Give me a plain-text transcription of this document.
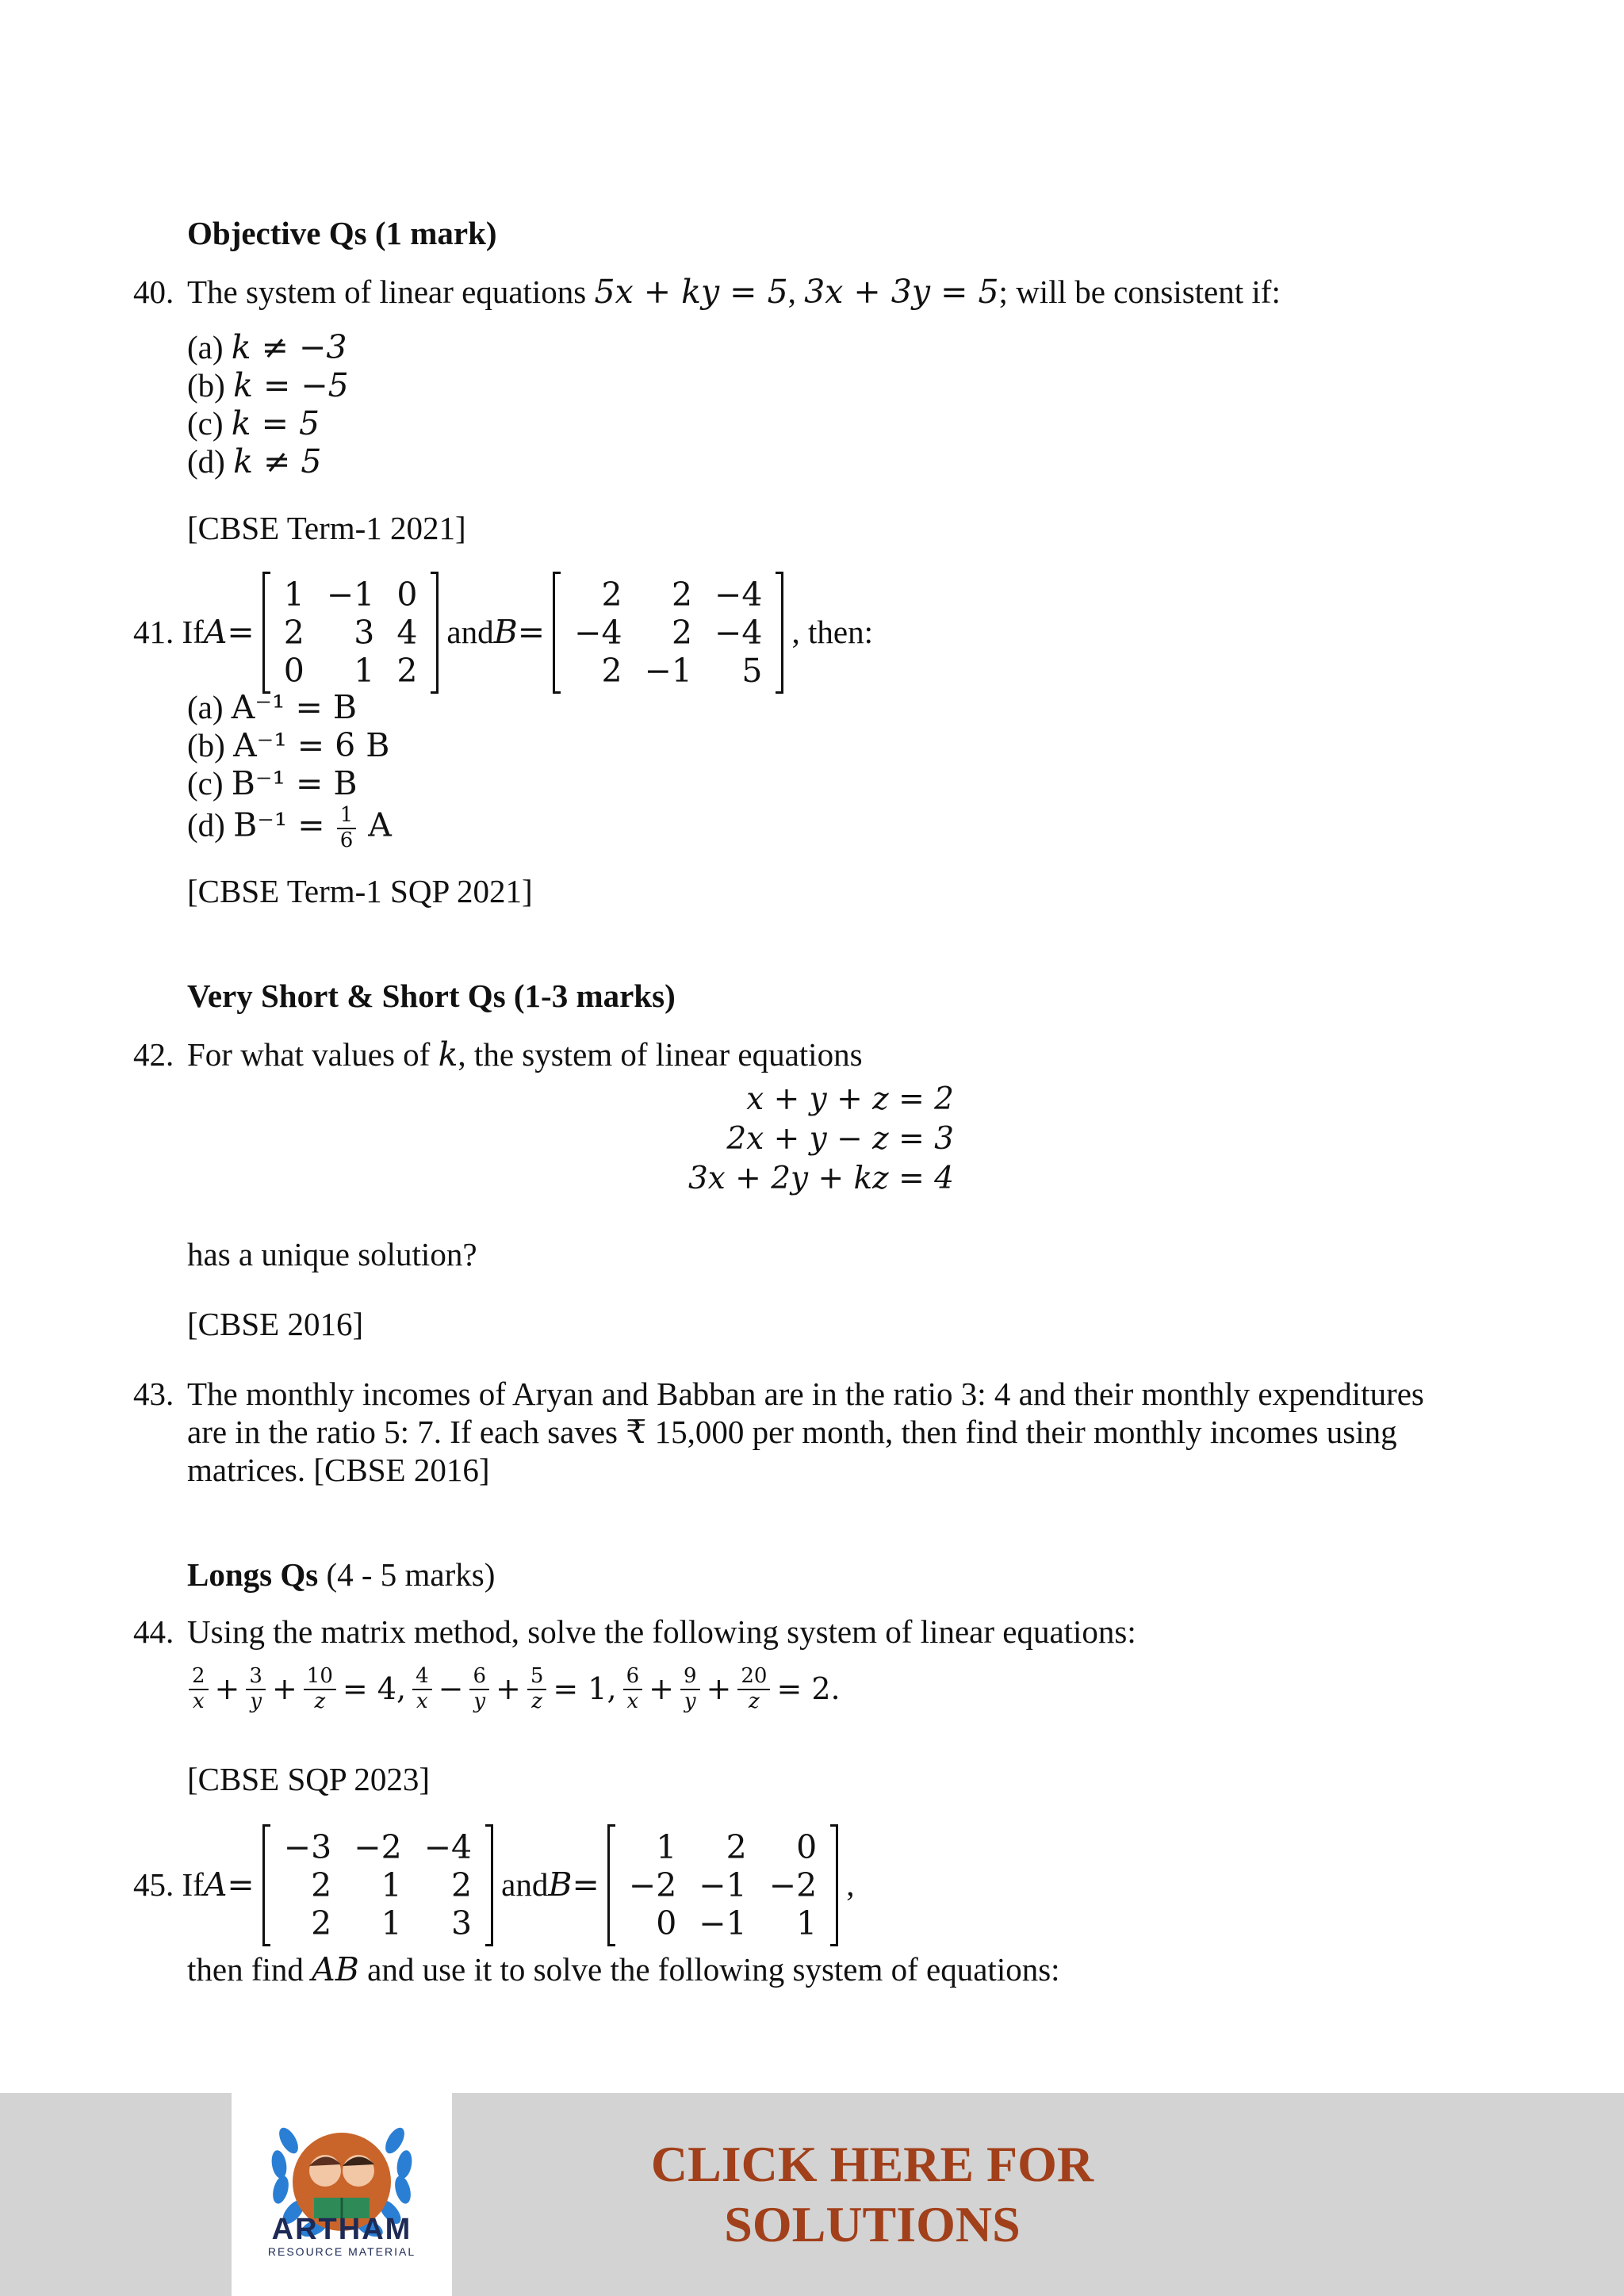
Objective Qs (1 mark)
40. The system of linear equations 5x + ky = 5, 3x + 3y = 5; will be consistent if:
(a) k ≠ −3
(b) k = −5
(c) k = 5
(d) k ≠ 5
[CBSE Term-1 2021]
41.
If A =
1 −1 0
2	3 4
0	1 2
and B =
2	2 −4
−4	2 −4
2 −1	5
, then:
(a) A⁻¹ = B
(b) A⁻¹ = 6 B
(c) B⁻¹ = B
(d) $B^{-1} = \frac{1}{6}$ A
[CBSE Term-1 SQP 2021]
Very Short & Short Qs (1-3 marks)
42. For what values of k, the system of linear equations
x + y + z = 2
2x + y − z = 3
3x + 2y + kz = 4
has a unique solution?
[CBSE 2016]
43. The monthly incomes of Aryan and Babban are in the ratio 3: 4 and their monthly expenditures are in the ratio 5: 7. If each saves ₹ 15,000 per month, then find their monthly incomes using matrices. [CBSE 2016]
Longs Qs (4 - 5 marks)
44. Using the matrix method, solve the following system of linear equations:
$\frac{2}{x} + \frac{3}{y} + \frac{10}{z} = 4$, $\frac{4}{x} - \frac{6}{y} + \frac{5}{z} = 1$, $\frac{6}{x} + \frac{9}{y} + \frac{20}{z} = 2$.
[CBSE SQP 2023]
45.
If A =
−3 −2 −4
2	1	2
2	1	3
and B =
1	2	0
−2 −1 −2
0 −1	1
,
then find AB and use it to solve the following system of equations:
ARTHAM
RESOURCE MATERIAL
CLICK HERE FOR
SOLUTIONS
